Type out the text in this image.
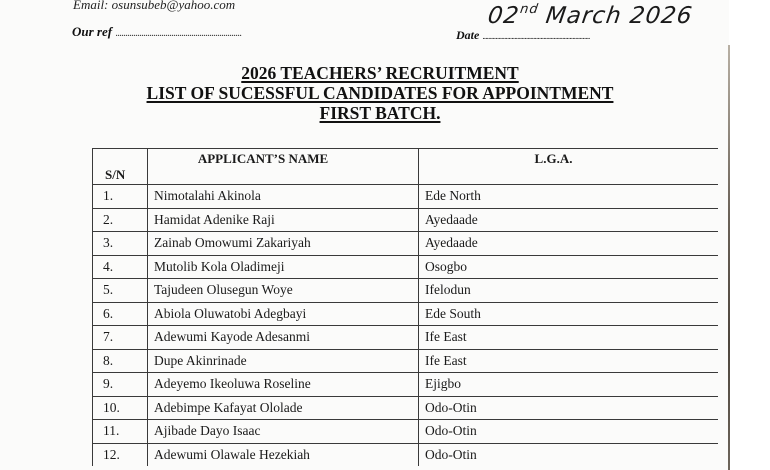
Email: osunsubeb@yahoo.com
Our ref ...............................................................	Date ..........................................................................
02nd March 2026
2026 TEACHERS’ RECRUITMENT
LIST OF SUCESSFUL CANDIDATES FOR APPOINTMENT
FIRST BATCH.
S/N	APPLICANT’S NAME	L.G.A.
1.	Nimotalahi Akinola	Ede North
2.	Hamidat Adenike Raji	Ayedaade
3.	Zainab Omowumi Zakariyah	Ayedaade
4.	Mutolib Kola Oladimeji	Osogbo
5.	Tajudeen Olusegun Woye	Ifelodun
6.	Abiola Oluwatobi Adegbayi	Ede South
7.	Adewumi Kayode Adesanmi	Ife East
8.	Dupe Akinrinade	Ife East
9.	Adeyemo Ikeoluwa Roseline	Ejigbo
10.	Adebimpe Kafayat Ololade	Odo-Otin
11.	Ajibade Dayo Isaac	Odo-Otin
12.	Adewumi Olawale Hezekiah	Odo-Otin
